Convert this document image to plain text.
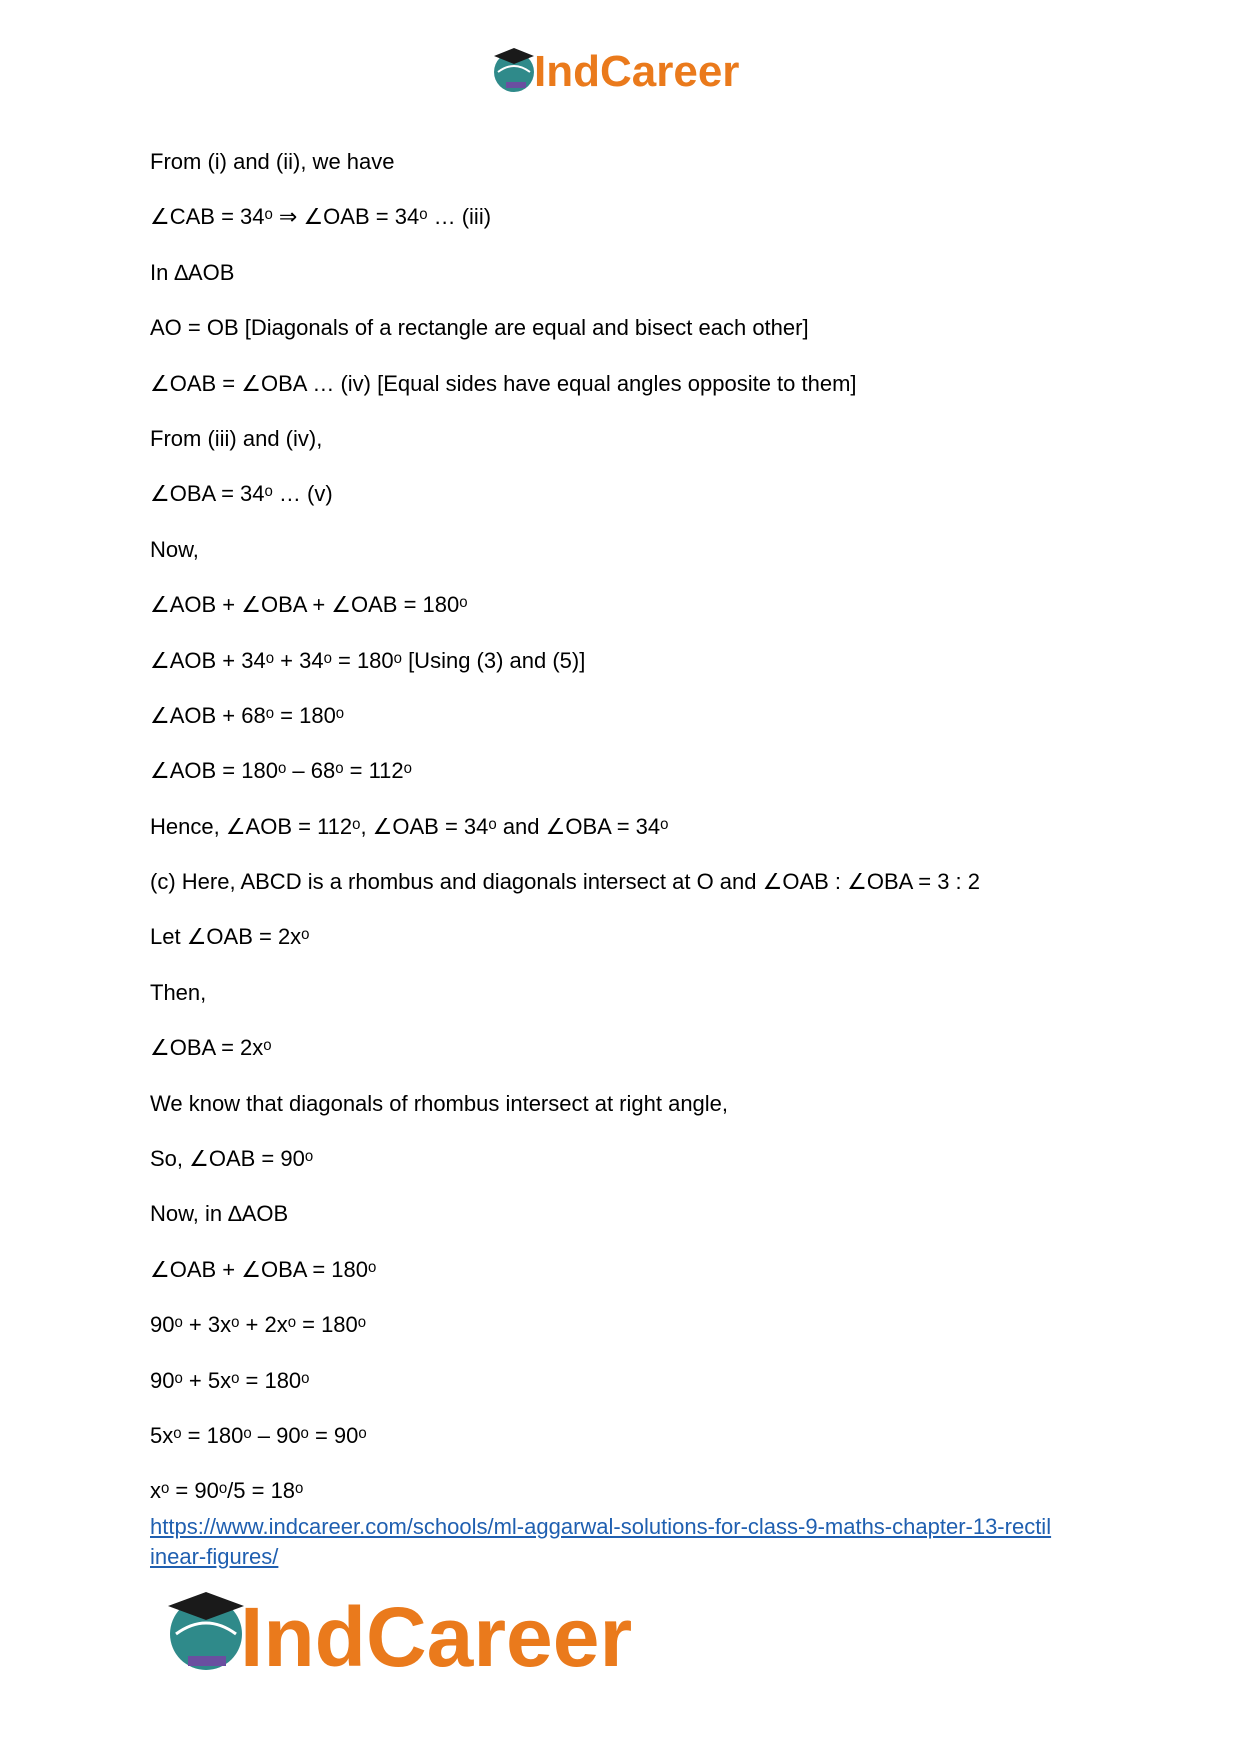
IndCareer

From (i) and (ii), we have

∠CAB = 34ᵒ ⇒ ∠OAB = 34ᵒ … (iii)

In ∆AOB

AO = OB [Diagonals of a rectangle are equal and bisect each other]

∠OAB = ∠OBA … (iv) [Equal sides have equal angles opposite to them]

From (iii) and (iv),

∠OBA = 34ᵒ … (v)

Now,

∠AOB + ∠OBA + ∠OAB = 180ᵒ

∠AOB + 34ᵒ + 34ᵒ = 180ᵒ [Using (3) and (5)]

∠AOB + 68ᵒ = 180ᵒ

∠AOB = 180ᵒ – 68ᵒ = 112ᵒ

Hence, ∠AOB = 112ᵒ, ∠OAB = 34ᵒ and ∠OBA = 34ᵒ

(c) Here, ABCD is a rhombus and diagonals intersect at O and ∠OAB : ∠OBA = 3 : 2

Let ∠OAB = 2xᵒ

Then,

∠OBA = 2xᵒ

We know that diagonals of rhombus intersect at right angle,

So, ∠OAB = 90ᵒ

Now, in ∆AOB

∠OAB + ∠OBA = 180ᵒ

90ᵒ + 3xᵒ + 2xᵒ = 180ᵒ

90ᵒ + 5xᵒ = 180ᵒ

5xᵒ = 180ᵒ – 90ᵒ = 90ᵒ

xᵒ = 90ᵒ/5 = 18ᵒ

https://www.indcareer.com/schools/ml-aggarwal-solutions-for-class-9-maths-chapter-13-rectil
inear-figures/
IndCareer
